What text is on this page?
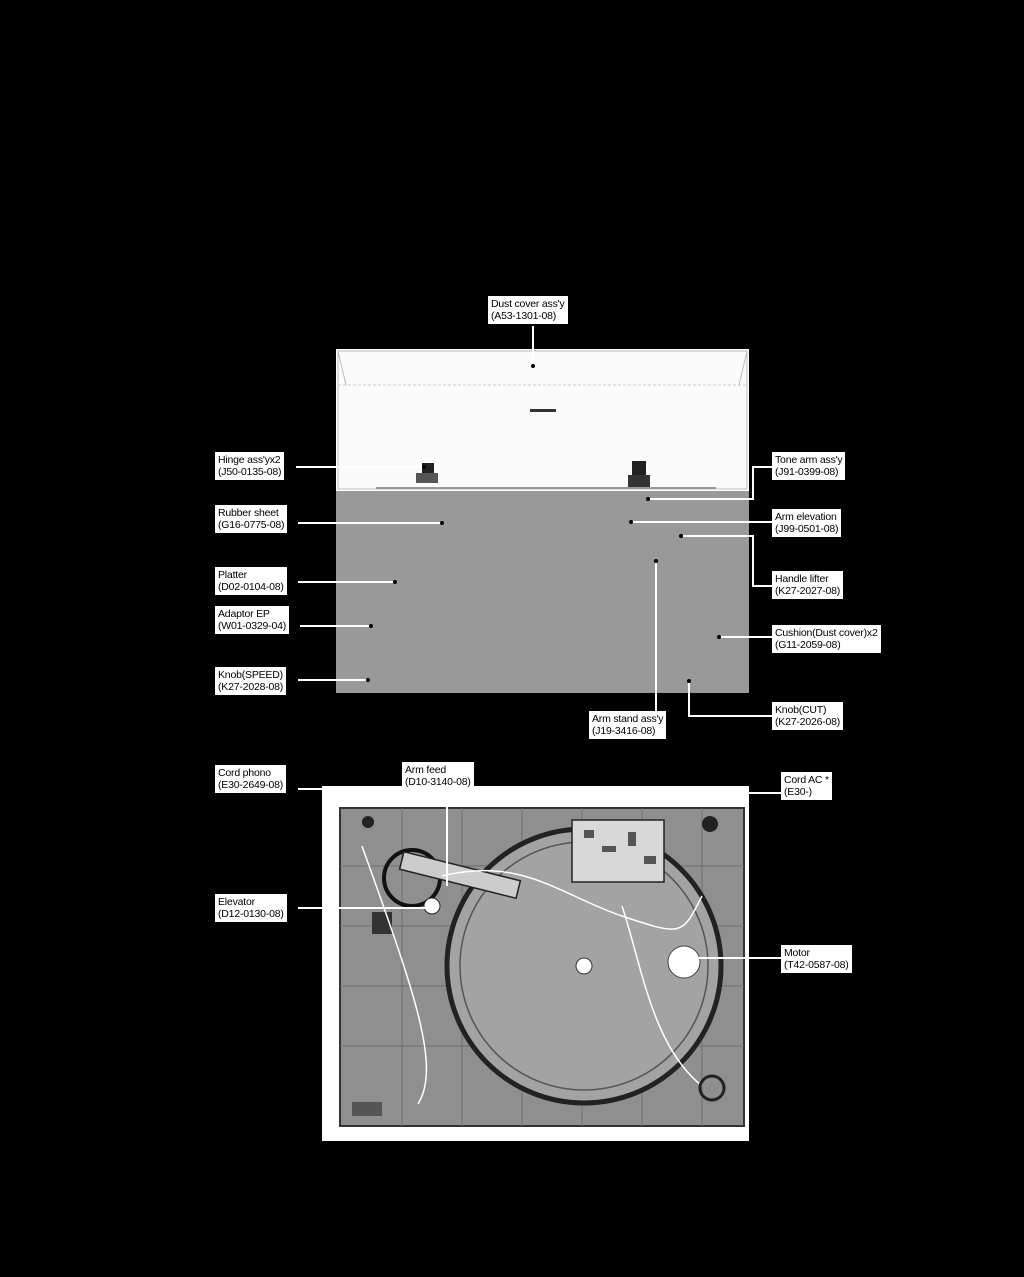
Dust cover ass'y
(A53-1301-08)
Hinge ass'yx2
(J50-0135-08)
Rubber sheet
(G16-0775-08)
Platter
(D02-0104-08)
Adaptor EP
(W01-0329-04)
Knob(SPEED)
(K27-2028-08)
Tone arm ass'y
(J91-0399-08)
Arm elevation
(J99-0501-08)
Handle lifter
(K27-2027-08)
Cushion(Dust cover)x2
(G11-2059-08)
Knob(CUT)
(K27-2026-08)
Arm stand ass'y
(J19-3416-08)
Cord phono
(E30-2649-08)
Arm feed
(D10-3140-08)	Cord AC *
(E30-)
Elevator
(D12-0130-08)
Motor
(T42-0587-08)
